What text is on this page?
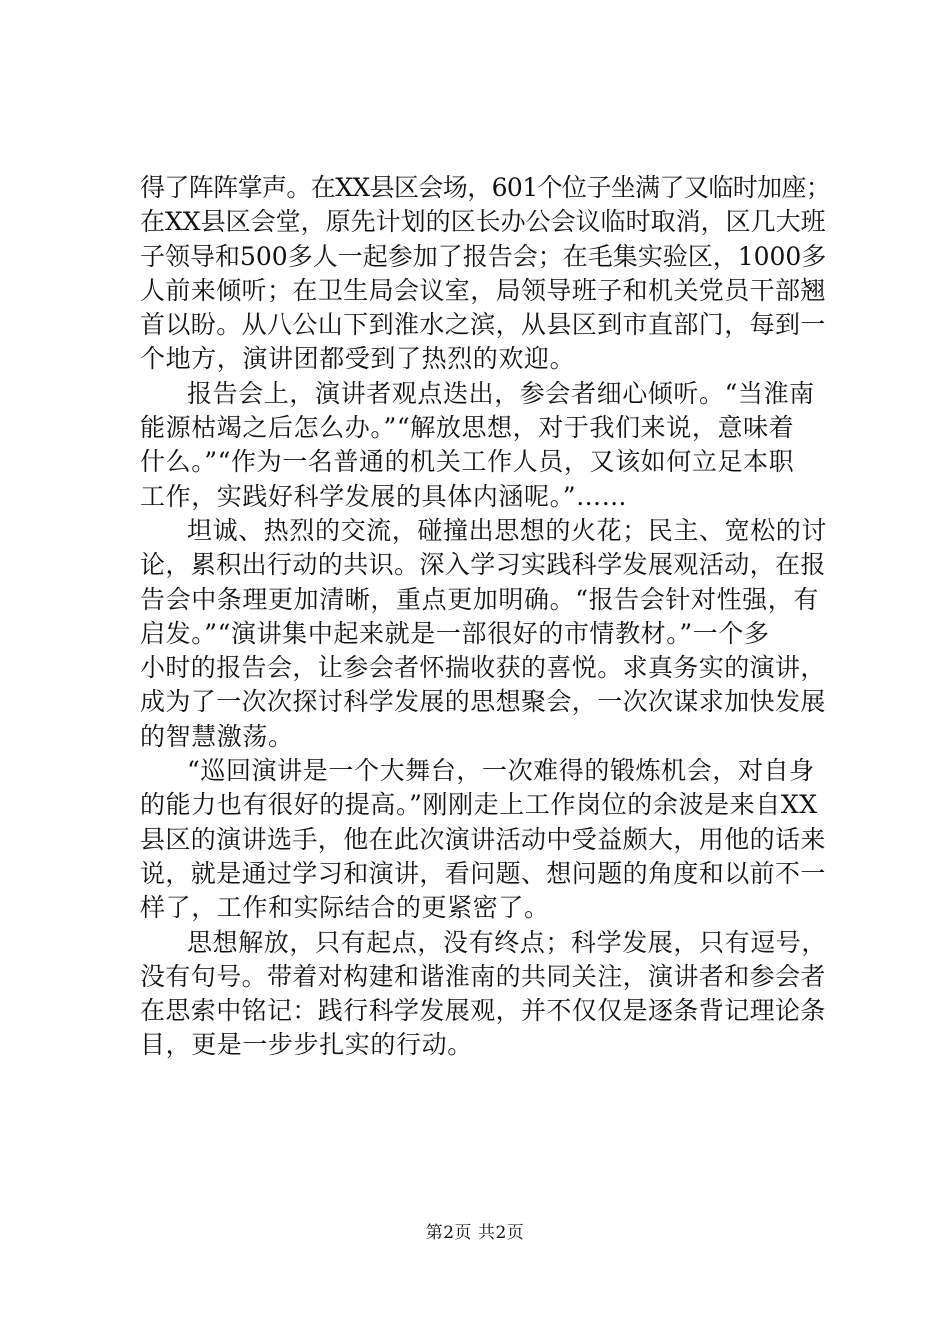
得了阵阵掌声。在XX县区会场，601个位子坐满了又临时加座；
在XX县区会堂，原先计划的区长办公会议临时取消，区几大班
子领导和500多人一起参加了报告会；在毛集实验区，1000多
人前来倾听；在卫生局会议室，局领导班子和机关党员干部翘
首以盼。从八公山下到淮水之滨，从县区到市直部门，每到一
个地方，演讲团都受到了热烈的欢迎。
报告会上，演讲者观点迭出，参会者细心倾听。“当淮南
能源枯竭之后怎么办。”“解放思想，对于我们来说，意味着
什么。”“作为一名普通的机关工作人员，又该如何立足本职
工作，实践好科学发展的具体内涵呢。”……
坦诚、热烈的交流，碰撞出思想的火花；民主、宽松的讨
论，累积出行动的共识。深入学习实践科学发展观活动，在报
告会中条理更加清晰，重点更加明确。“报告会针对性强，有
启发。”“演讲集中起来就是一部很好的市情教材。”一个多
小时的报告会，让参会者怀揣收获的喜悦。求真务实的演讲，
成为了一次次探讨科学发展的思想聚会，一次次谋求加快发展
的智慧激荡。
“巡回演讲是一个大舞台，一次难得的锻炼机会，对自身
的能力也有很好的提高。”刚刚走上工作岗位的余波是来自XX
县区的演讲选手，他在此次演讲活动中受益颇大，用他的话来
说，就是通过学习和演讲，看问题、想问题的角度和以前不一
样了，工作和实际结合的更紧密了。
思想解放，只有起点，没有终点；科学发展，只有逗号，
没有句号。带着对构建和谐淮南的共同关注，演讲者和参会者
在思索中铭记：践行科学发展观，并不仅仅是逐条背记理论条
目，更是一步步扎实的行动。
第2页 共2页
